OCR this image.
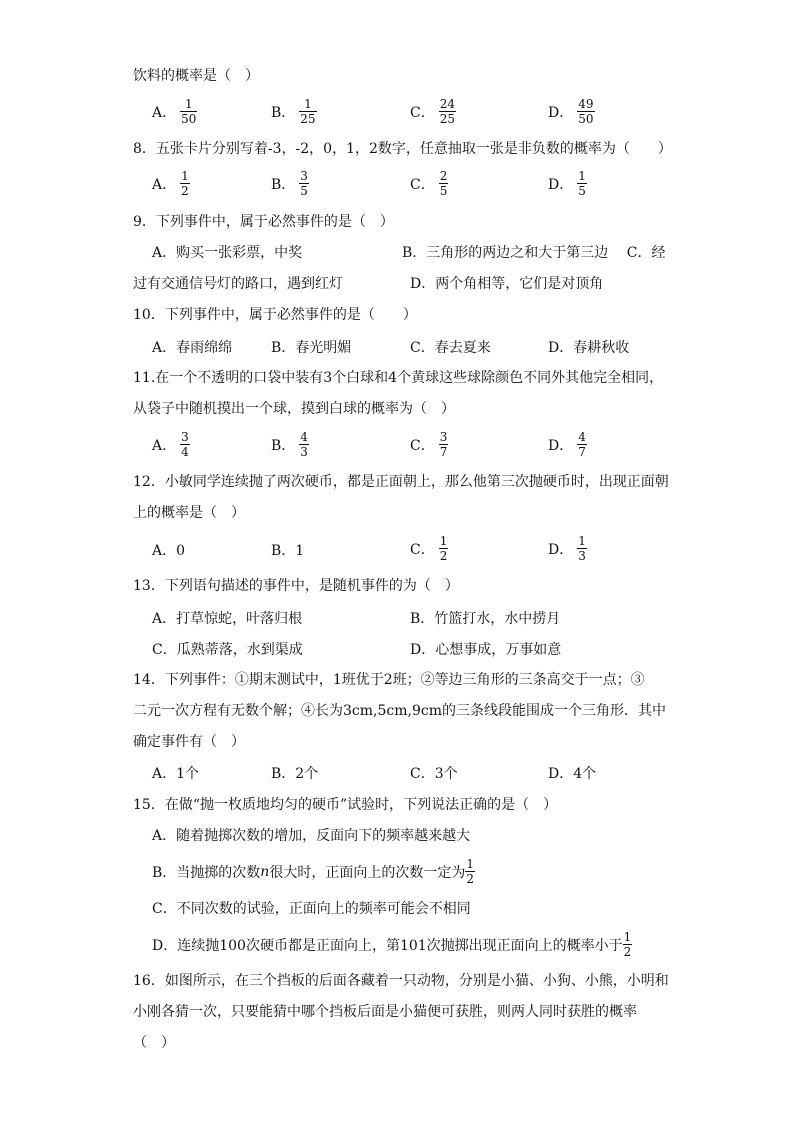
饮料的概率是（　）
A． $\frac{1}{50}$	B． $\frac{1}{25}$	C． $\frac{24}{25}$	D． $\frac{49}{50}$
8．五张卡片分别写着-3，-2，0，1，2数字，任意抽取一张是非负数的概率为（　　）
A． $\frac{1}{2}$	B． $\frac{3}{5}$	C． $\frac{2}{5}$	D． $\frac{1}{5}$
9．下列事件中，属于必然事件的是（　）
A．购买一张彩票，中奖	B．三角形的两边之和大于第三边　 C．经
过有交通信号灯的路口，遇到红灯	D．两个角相等，它们是对顶角
10．下列事件中，属于必然事件的是（　　）
A．春雨绵绵	B．春光明媚	C．春去夏来	D．春耕秋收
11.在一个不透明的口袋中装有3个白球和4个黄球这些球除颜色不同外其他完全相同，
从袋子中随机摸出一个球，摸到白球的概率为（　）
A． $\frac{3}{4}$	B． $\frac{4}{3}$	C． $\frac{3}{7}$	D． $\frac{4}{7}$
12．小敏同学连续抛了两次硬币，都是正面朝上，那么他第三次抛硬币时，出现正面朝
上的概率是（　）
A．0	B．1	C． $\frac{1}{2}$	D． $\frac{1}{3}$
13．下列语句描述的事件中，是随机事件的为（　）
A．打草惊蛇，叶落归根	B．竹篮打水，水中捞月
C．瓜熟蒂落，水到渠成	D．心想事成，万事如意
14．下列事件：①期末测试中，1班优于2班；②等边三角形的三条高交于一点；③
二元一次方程有无数个解；④长为3cm,5cm,9cm的三条线段能围成一个三角形．其中
确定事件有（　）
A．1个	B．2个	C．3个	D．4个
15．在做“抛一枚质地均匀的硬币”试验时，下列说法正确的是（　）
A．随着抛掷次数的增加，反面向下的频率越来越大
B．当抛掷的次数 n 很大时，正面向上的次数一定为 $\frac{1}{2}$
C．不同次数的试验，正面向上的频率可能会不相同
D．连续抛100次硬币都是正面向上，第101次抛掷出现正面向上的概率小于 $\frac{1}{2}$
16．如图所示，在三个挡板的后面各藏着一只动物，分别是小猫、小狗、小熊，小明和
小刚各猜一次，只要能猜中哪个挡板后面是小猫便可获胜，则两人同时获胜的概率
（　）
